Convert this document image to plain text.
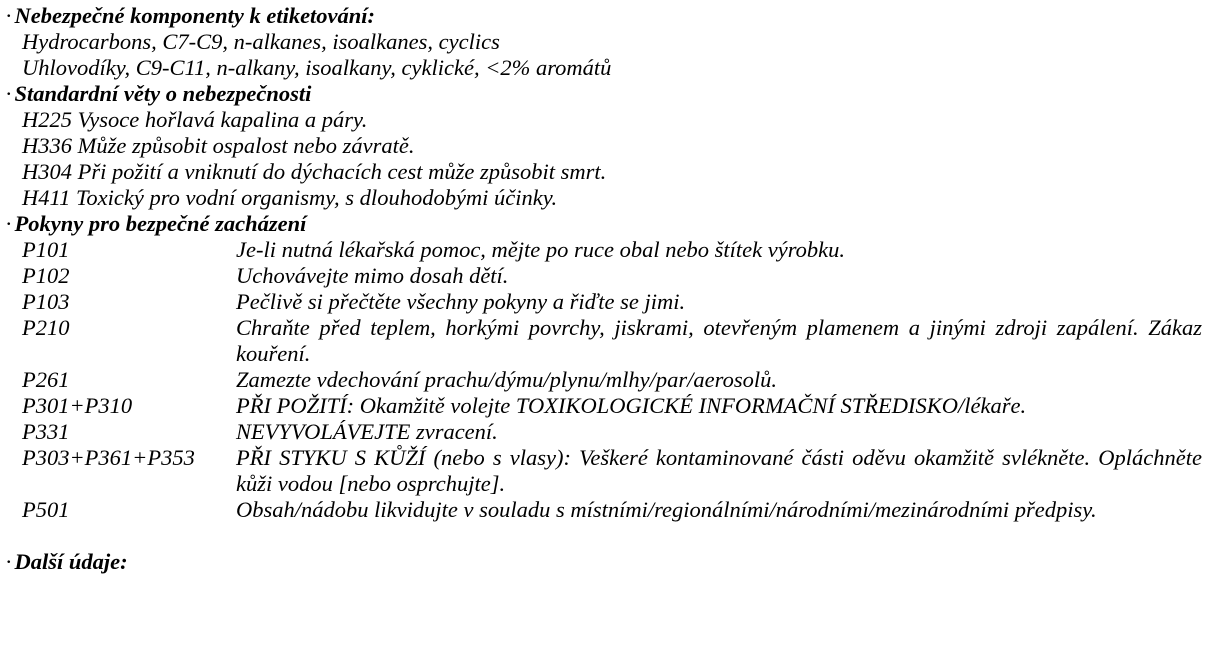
·Nebezpečné komponenty k etiketování:
Hydrocarbons, C7-C9, n-alkanes, isoalkanes, cyclics
Uhlovodíky, C9-C11, n-alkany, isoalkany, cyklické, <2% aromátů
·Standardní věty o nebezpečnosti
H225 Vysoce hořlavá kapalina a páry.
H336 Může způsobit ospalost nebo závratě.
H304 Při požití a vniknutí do dýchacích cest může způsobit smrt.
H411 Toxický pro vodní organismy, s dlouhodobými účinky.
·Pokyny pro bezpečné zacházení
P101	Je-li nutná lékařská pomoc, mějte po ruce obal nebo štítek výrobku.
P102	Uchovávejte mimo dosah dětí.
P103	Pečlivě si přečtěte všechny pokyny a řiďte se jimi.
P210	Chraňte před teplem, horkými povrchy, jiskrami, otevřeným plamenem a jinými zdroji zapálení. Zákaz kouření.
P261	Zamezte vdechování prachu/dýmu/plynu/mlhy/par/aerosolů.
P301+P310	PŘI POŽITÍ: Okamžitě volejte TOXIKOLOGICKÉ INFORMAČNÍ STŘEDISKO/lékaře.
P331	NEVYVOLÁVEJTE zvracení.
P303+P361+P353 PŘI STYKU S KŮŽÍ (nebo s vlasy): Veškeré kontaminované části oděvu okamžitě svlékněte. Opláchněte kůži vodou [nebo osprchujte].
P501	Obsah/nádobu likvidujte v souladu s místními/regionálními/národními/mezinárodními předpisy.
·Další údaje:
